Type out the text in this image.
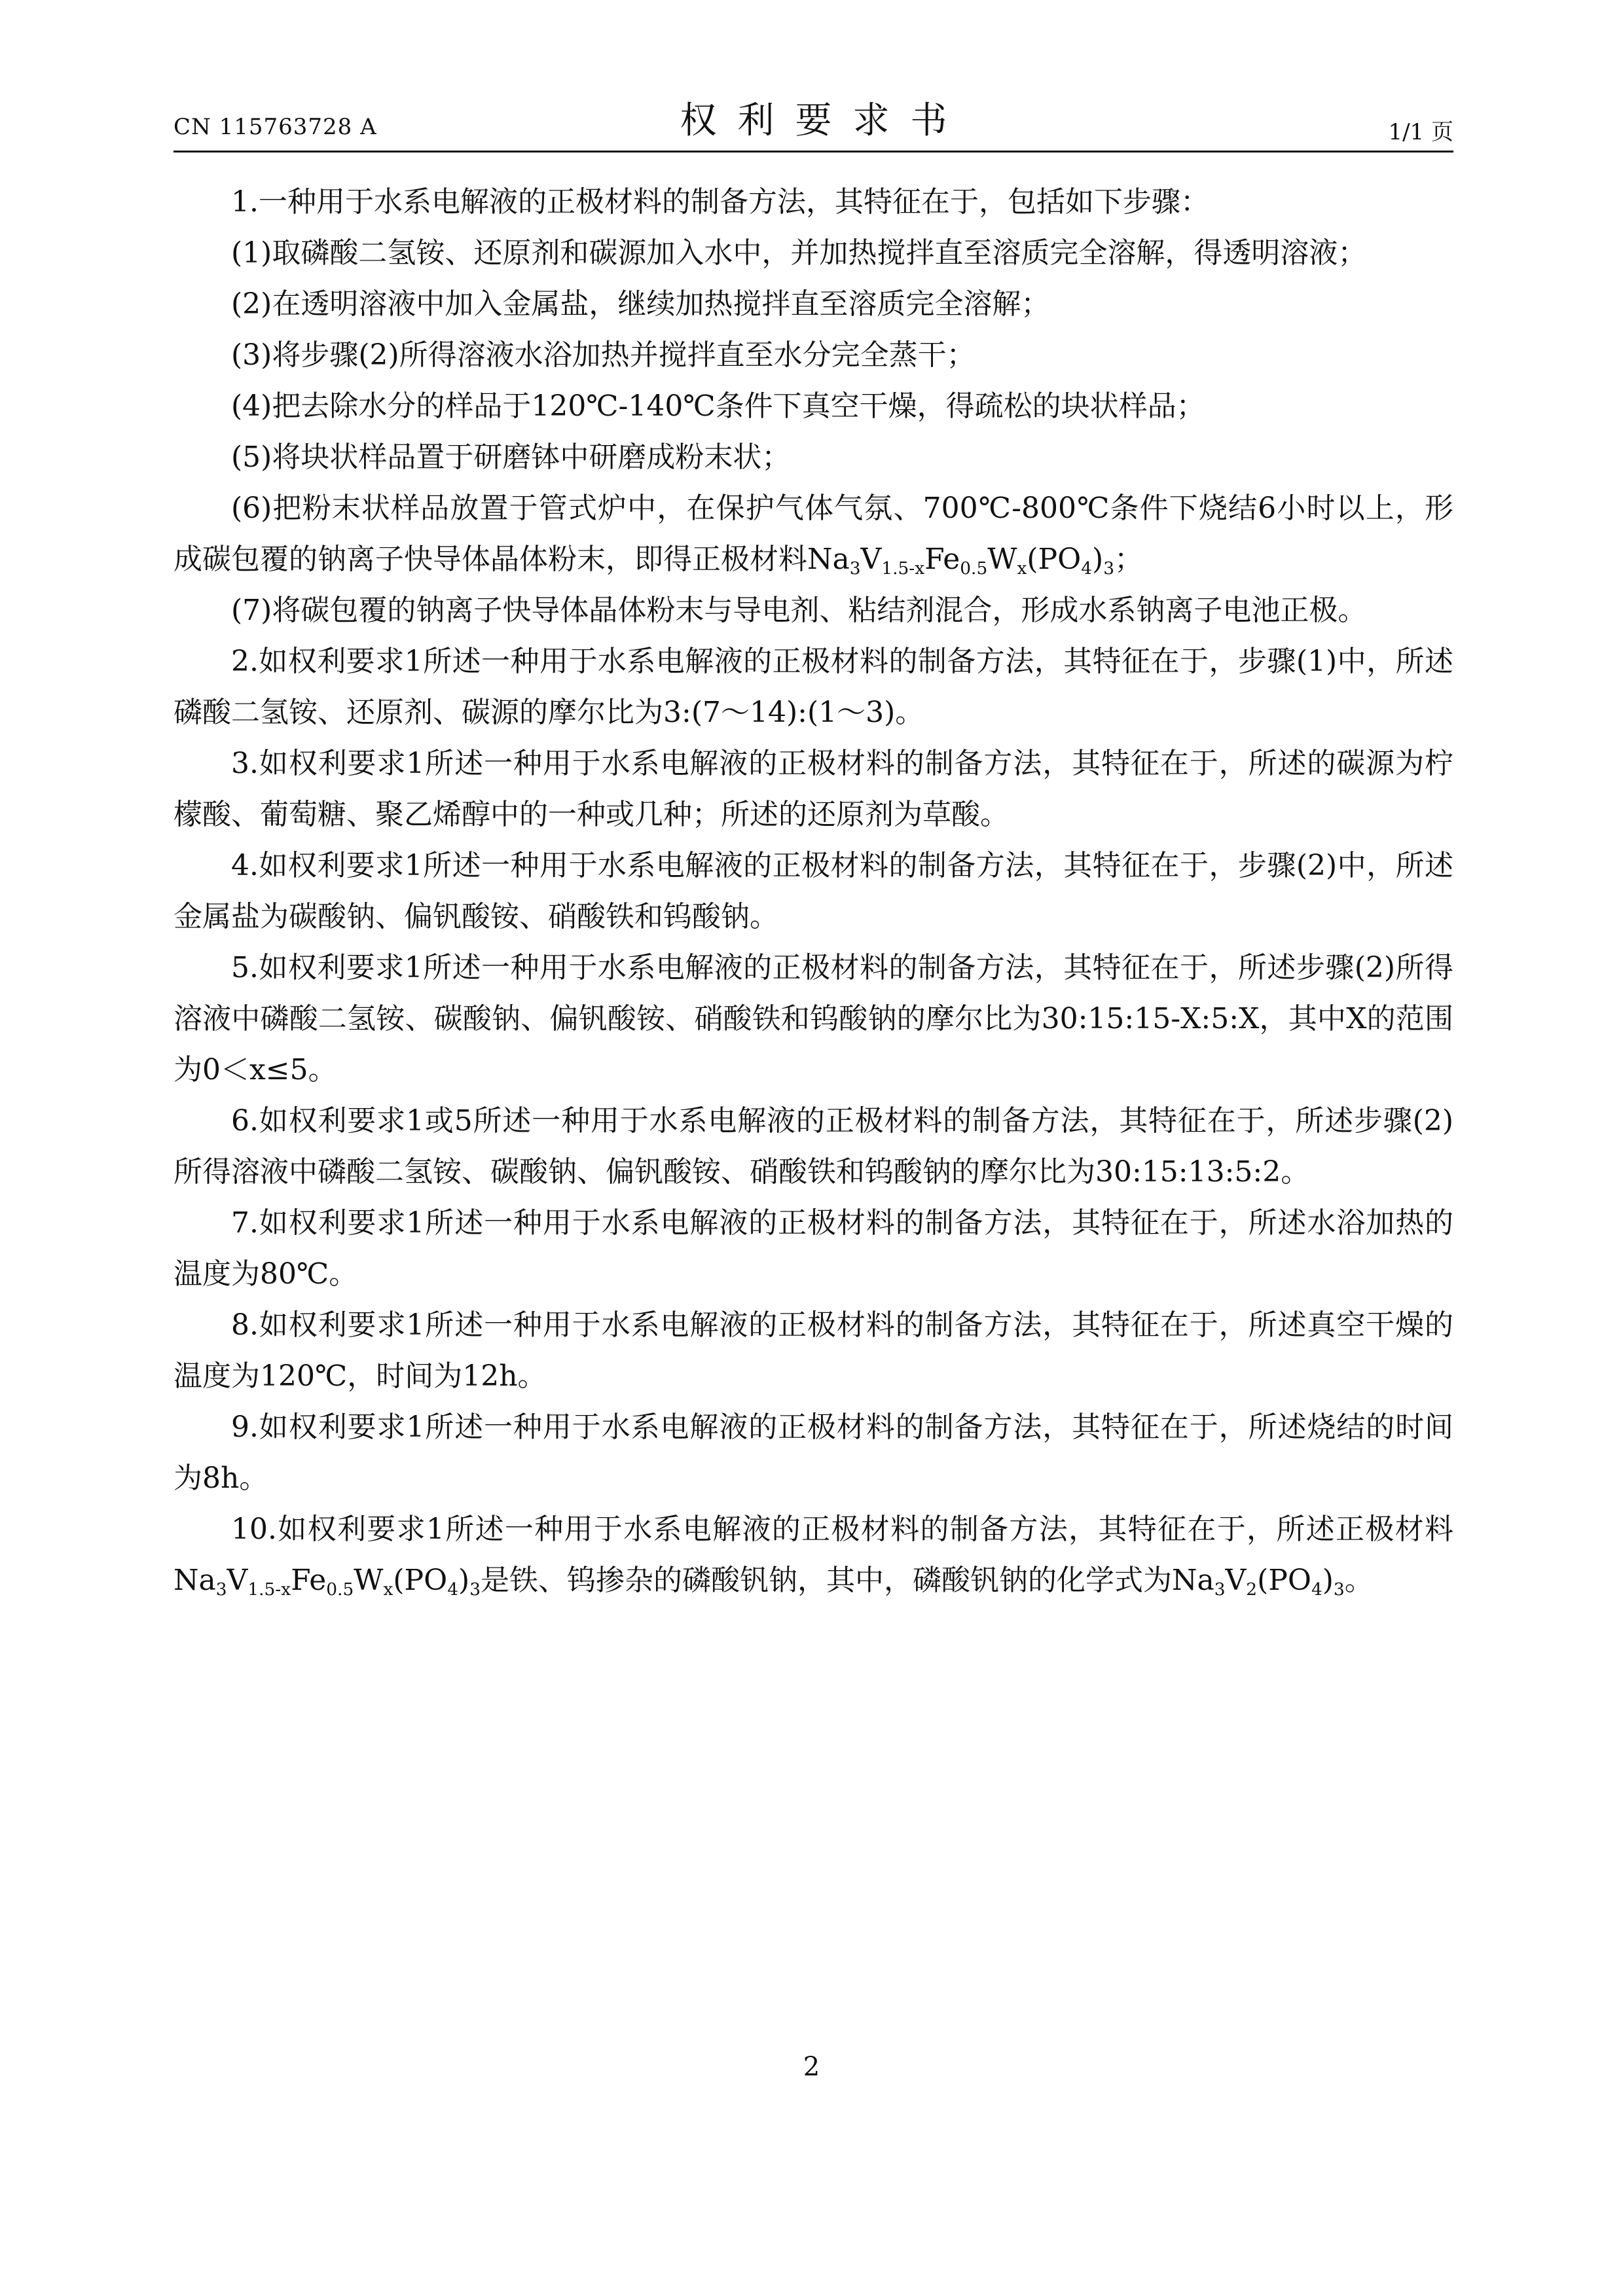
CN 115763728 A	权利要求书	1/1 页

1.一种用于水系电解液的正极材料的制备方法，其特征在于，包括如下步骤：

(1)取磷酸二氢铵、还原剂和碳源加入水中，并加热搅拌直至溶质完全溶解，得透明溶液；

(2)在透明溶液中加入金属盐，继续加热搅拌直至溶质完全溶解；

(3)将步骤(2)所得溶液水浴加热并搅拌直至水分完全蒸干；

(4)把去除水分的样品于120℃-140℃条件下真空干燥，得疏松的块状样品；

(5)将块状样品置于研磨钵中研磨成粉末状；

(6)把粉末状样品放置于管式炉中，在保护气体气氛、700℃-800℃条件下烧结6小时以上，形成碳包覆的钠离子快导体晶体粉末，即得正极材料$Na_3V_{1.5-x}Fe_{0.5}W_x(PO_4)_3$；

(7)将碳包覆的钠离子快导体晶体粉末与导电剂、粘结剂混合，形成水系钠离子电池正极。

2.如权利要求1所述一种用于水系电解液的正极材料的制备方法，其特征在于，步骤(1)中，所述磷酸二氢铵、还原剂、碳源的摩尔比为3:(7～14):(1～3)。

3.如权利要求1所述一种用于水系电解液的正极材料的制备方法，其特征在于，所述的碳源为柠檬酸、葡萄糖、聚乙烯醇中的一种或几种；所述的还原剂为草酸。

4.如权利要求1所述一种用于水系电解液的正极材料的制备方法，其特征在于，步骤(2)中，所述金属盐为碳酸钠、偏钒酸铵、硝酸铁和钨酸钠。

5.如权利要求1所述一种用于水系电解液的正极材料的制备方法，其特征在于，所述步骤(2)所得溶液中磷酸二氢铵、碳酸钠、偏钒酸铵、硝酸铁和钨酸钠的摩尔比为30:15:15-X:5:X，其中X的范围为0＜x≤5。

6.如权利要求1或5所述一种用于水系电解液的正极材料的制备方法，其特征在于，所述步骤(2)所得溶液中磷酸二氢铵、碳酸钠、偏钒酸铵、硝酸铁和钨酸钠的摩尔比为30:15:13:5:2。

7.如权利要求1所述一种用于水系电解液的正极材料的制备方法，其特征在于，所述水浴加热的温度为80℃。

8.如权利要求1所述一种用于水系电解液的正极材料的制备方法，其特征在于，所述真空干燥的温度为120℃，时间为12h。

9.如权利要求1所述一种用于水系电解液的正极材料的制备方法，其特征在于，所述烧结的时间为8h。

10.如权利要求1所述一种用于水系电解液的正极材料的制备方法，其特征在于，所述正极材料$Na_3V_{1.5-x}Fe_{0.5}W_x(PO_4)_3$是铁、钨掺杂的磷酸钒钠，其中，磷酸钒钠的化学式为$Na_3V_2(PO_4)_3$。

2
